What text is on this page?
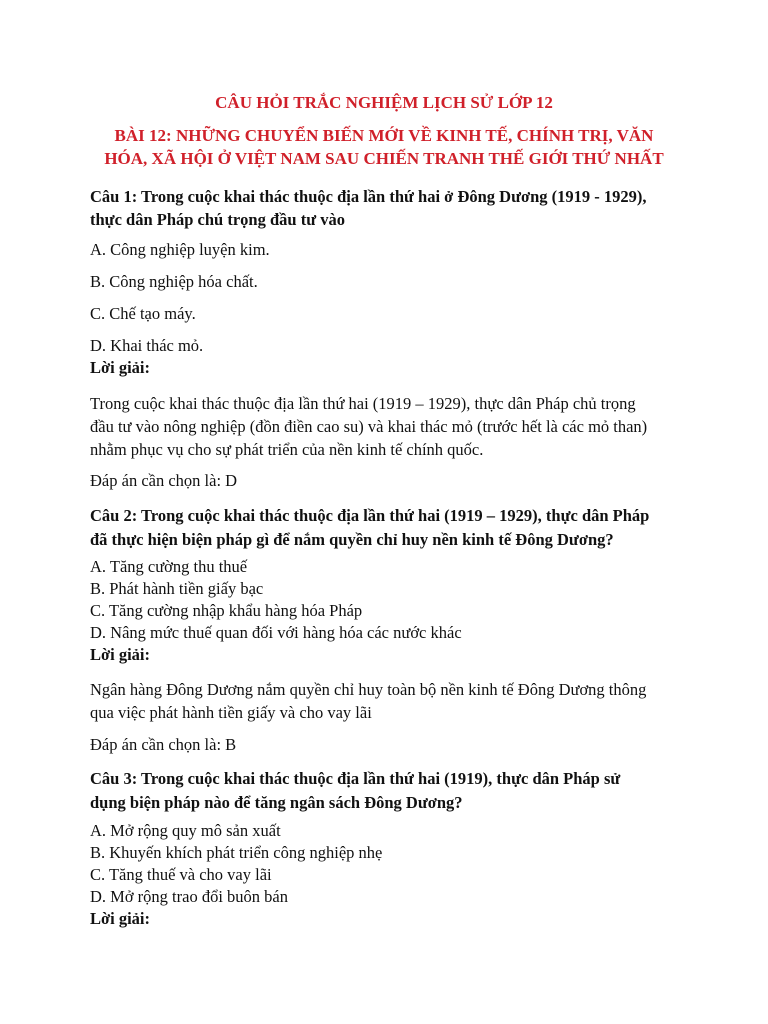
CÂU HỎI TRẮC NGHIỆM LỊCH SỬ LỚP 12
BÀI 12: NHỮNG CHUYỂN BIẾN MỚI VỀ KINH TẾ, CHÍNH TRỊ, VĂN
HÓA, XÃ HỘI Ở VIỆT NAM SAU CHIẾN TRANH THẾ GIỚI THỨ NHẤT
Câu 1: Trong cuộc khai thác thuộc địa lần thứ hai ở Đông Dương (1919 - 1929),
thực dân Pháp chú trọng đầu tư vào
A. Công nghiệp luyện kim.
B. Công nghiệp hóa chất.
C. Chế tạo máy.
D. Khai thác mỏ.
Lời giải:
Trong cuộc khai thác thuộc địa lần thứ hai (1919 – 1929), thực dân Pháp chủ trọng
đầu tư vào nông nghiệp (đồn điền cao su) và khai thác mỏ (trước hết là các mỏ than)
nhằm phục vụ cho sự phát triển của nền kinh tế chính quốc.
Đáp án cần chọn là: D
Câu 2: Trong cuộc khai thác thuộc địa lần thứ hai (1919 – 1929), thực dân Pháp
đã thực hiện biện pháp gì để nắm quyền chỉ huy nền kinh tế Đông Dương?
A. Tăng cường thu thuế
B. Phát hành tiền giấy bạc
C. Tăng cường nhập khẩu hàng hóa Pháp
D. Nâng mức thuế quan đối với hàng hóa các nước khác
Lời giải:
Ngân hàng Đông Dương nắm quyền chỉ huy toàn bộ nền kinh tế Đông Dương thông
qua việc phát hành tiền giấy và cho vay lãi
Đáp án cần chọn là: B
Câu 3: Trong cuộc khai thác thuộc địa lần thứ hai (1919), thực dân Pháp sử
dụng biện pháp nào để tăng ngân sách Đông Dương?
A. Mở rộng quy mô sản xuất
B. Khuyến khích phát triển công nghiệp nhẹ
C. Tăng thuế và cho vay lãi
D. Mở rộng trao đổi buôn bán
Lời giải:
